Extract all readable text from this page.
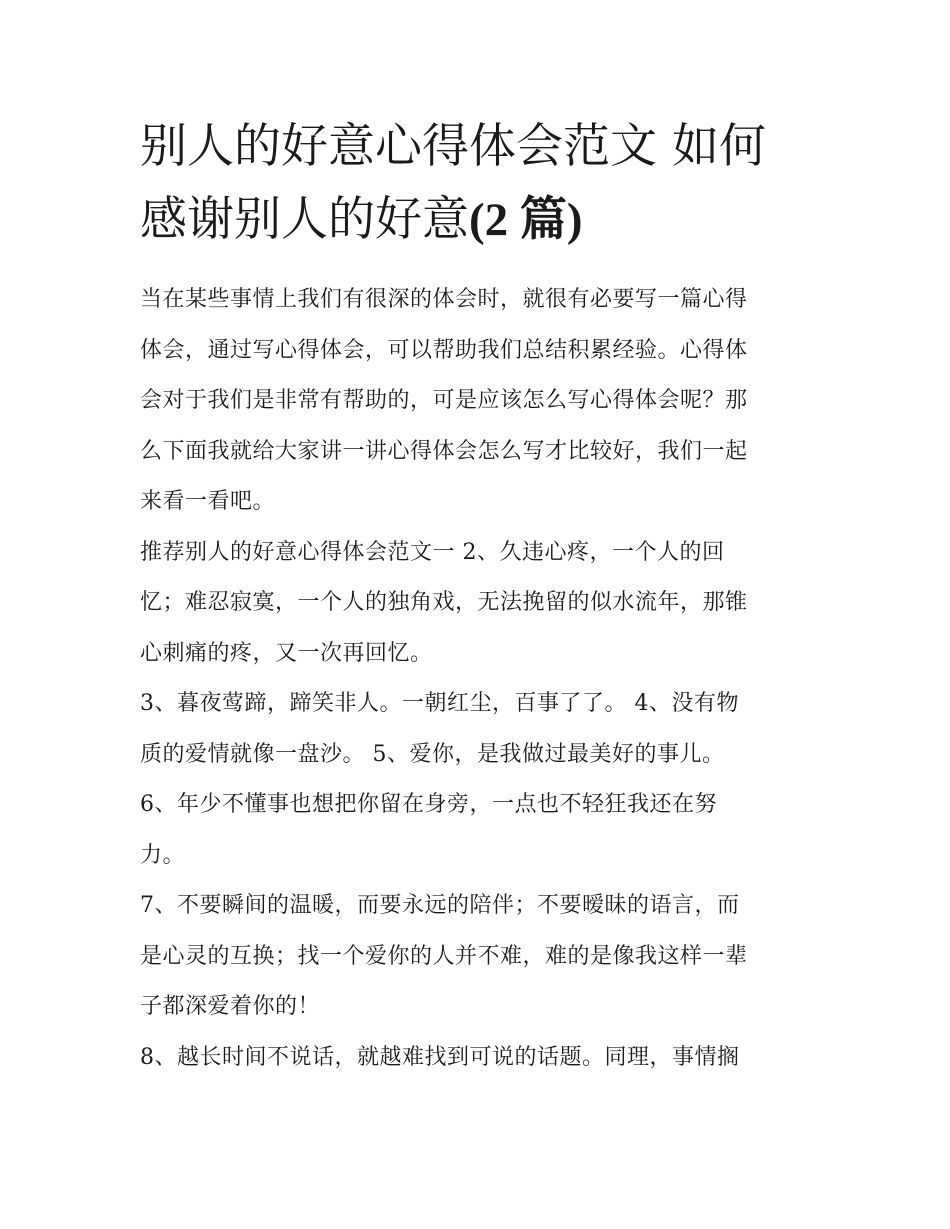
别人的好意心得体会范文 如何
感谢别人的好意(2 篇)

当在某些事情上我们有很深的体会时，就很有必要写一篇心得
体会，通过写心得体会，可以帮助我们总结积累经验。心得体
会对于我们是非常有帮助的，可是应该怎么写心得体会呢？那
么下面我就给大家讲一讲心得体会怎么写才比较好，我们一起
来看一看吧。

推荐别人的好意心得体会范文一 2、久违心疼，一个人的回
忆；难忍寂寞，一个人的独角戏，无法挽留的似水流年，那锥
心刺痛的疼，又一次再回忆。

3、暮夜莺蹄，蹄笑非人。一朝红尘，百事了了。 4、没有物
质的爱情就像一盘沙。 5、爱你，是我做过最美好的事儿。

6、年少不懂事也想把你留在身旁，一点也不轻狂我还在努
力。

7、不要瞬间的温暖，而要永远的陪伴；不要暧昧的语言，而
是心灵的互换；找一个爱你的人并不难，难的是像我这样一辈
子都深爱着你的！

8、越长时间不说话，就越难找到可说的话题。同理，事情搁
